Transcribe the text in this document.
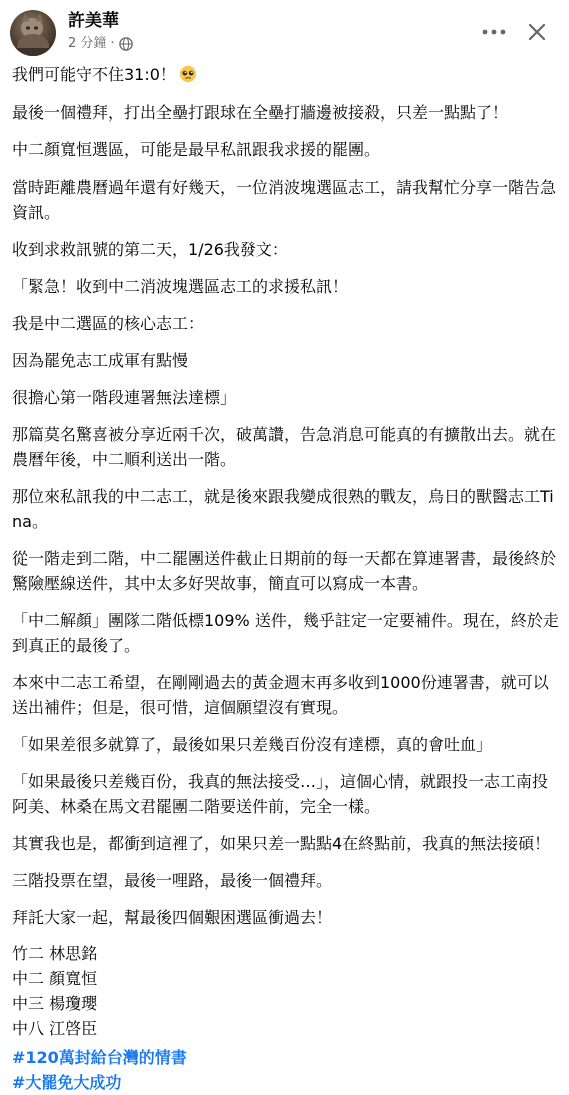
許美華
2 分鐘 ·

我們可能守不住31:0！

最後一個禮拜，打出全壘打跟球在全壘打牆邊被接殺，只差一點點了！

中二顏寬恒選區，可能是最早私訊跟我求援的罷團。

當時距離農曆過年還有好幾天，一位消波塊選區志工，請我幫忙分享一階告急資訊。

收到求救訊號的第二天，1/26我發文：

「緊急！收到中二消波塊選區志工的求援私訊！

我是中二選區的核心志工：

因為罷免志工成軍有點慢

很擔心第一階段連署無法達標」

那篇莫名驚喜被分享近兩千次，破萬讚，告急消息可能真的有擴散出去。就在農曆年後，中二順利送出一階。

那位來私訊我的中二志工，就是後來跟我變成很熟的戰友，烏日的獸醫志工Tina。

從一階走到二階，中二罷團送件截止日期前的每一天都在算連署書，最後終於驚險壓線送件，其中太多好哭故事，簡直可以寫成一本書。

「中二解顏」團隊二階低標109% 送件，幾乎註定一定要補件。現在，終於走到真正的最後了。

本來中二志工希望，在剛剛過去的黃金週末再多收到1000份連署書，就可以送出補件；但是，很可惜，這個願望沒有實現。

「如果差很多就算了，最後如果只差幾百份沒有達標，真的會吐血」

「如果最後只差幾百份，我真的無法接受…」，這個心情，就跟投一志工南投阿美、林桑在馬文君罷團二階要送件前，完全一樣。

其實我也是，都衝到這裡了，如果只差一點點4在終點前，我真的無法接碩！

三階投票在望，最後一哩路，最後一個禮拜。

拜託大家一起，幫最後四個艱困選區衝過去！

竹二 林思銘

中二 顏寬恒

中三 楊瓊瓔

中八 江啓臣

#120萬封給台灣的情書

#大罷免大成功
